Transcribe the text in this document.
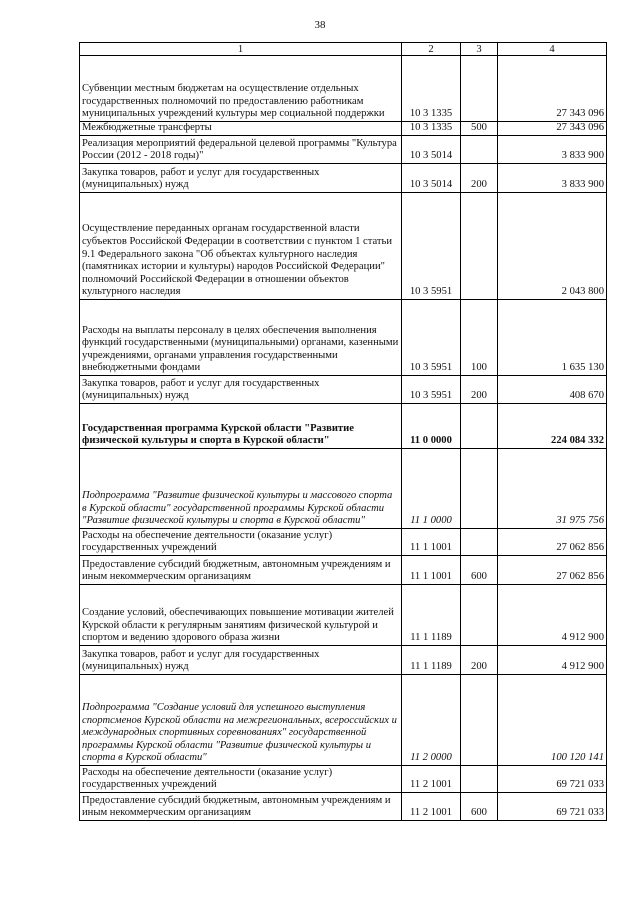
38
1	2	3	4
Субвенции местным бюджетам на осуществление отдельных государственных полномочий по предоставлению работникам муниципальных учреждений культуры мер социальной поддержки	10 3 1335		27 343 096
Межбюджетные трансферты	10 3 1335	500	27 343 096
Реализация мероприятий федеральной целевой программы "Культура России (2012 - 2018 годы)"	10 3 5014		3 833 900
Закупка товаров, работ и услуг для государственных (муниципальных) нужд	10 3 5014	200	3 833 900
Осуществление переданных органам государственной власти субъектов Российской Федерации в соответствии с пунктом 1 статьи 9.1 Федерального закона "Об объектах культурного наследия (памятниках истории и культуры) народов Российской Федерации" полномочий Российской Федерации в отношении объектов культурного наследия	10 3 5951		2 043 800
Расходы на выплаты персоналу в целях обеспечения выполнения функций государственными (муниципальными) органами, казенными учреждениями, органами управления государственными внебюджетными фондами	10 3 5951	100	1 635 130
Закупка товаров, работ и услуг для государственных (муниципальных) нужд	10 3 5951	200	408 670
Государственная программа Курской области "Развитие физической культуры и спорта в Курской области"	11 0 0000		224 084 332
Подпрограмма "Развитие физической культуры и массового спорта в Курской области" государственной программы Курской области "Развитие физической культуры и спорта в Курской области"	11 1 0000		31 975 756
Расходы на обеспечение деятельности (оказание услуг) государственных учреждений	11 1 1001		27 062 856
Предоставление субсидий бюджетным, автономным учреждениям и иным некоммерческим организациям	11 1 1001	600	27 062 856
Создание условий, обеспечивающих повышение мотивации жителей Курской области к регулярным занятиям физической культурой и спортом и ведению здорового образа жизни	11 1 1189		4 912 900
Закупка товаров, работ и услуг для государственных (муниципальных) нужд	11 1 1189	200	4 912 900
Подпрограмма "Создание условий для успешного выступления спортсменов Курской области на межрегиональных, всероссийских и международных спортивных соревнованиях" государственной программы Курской области "Развитие физической культуры и спорта в Курской области"	11 2 0000		100 120 141
Расходы на обеспечение деятельности (оказание услуг) государственных учреждений	11 2 1001		69 721 033
Предоставление субсидий бюджетным, автономным учреждениям и иным некоммерческим организациям	11 2 1001	600	69 721 033
